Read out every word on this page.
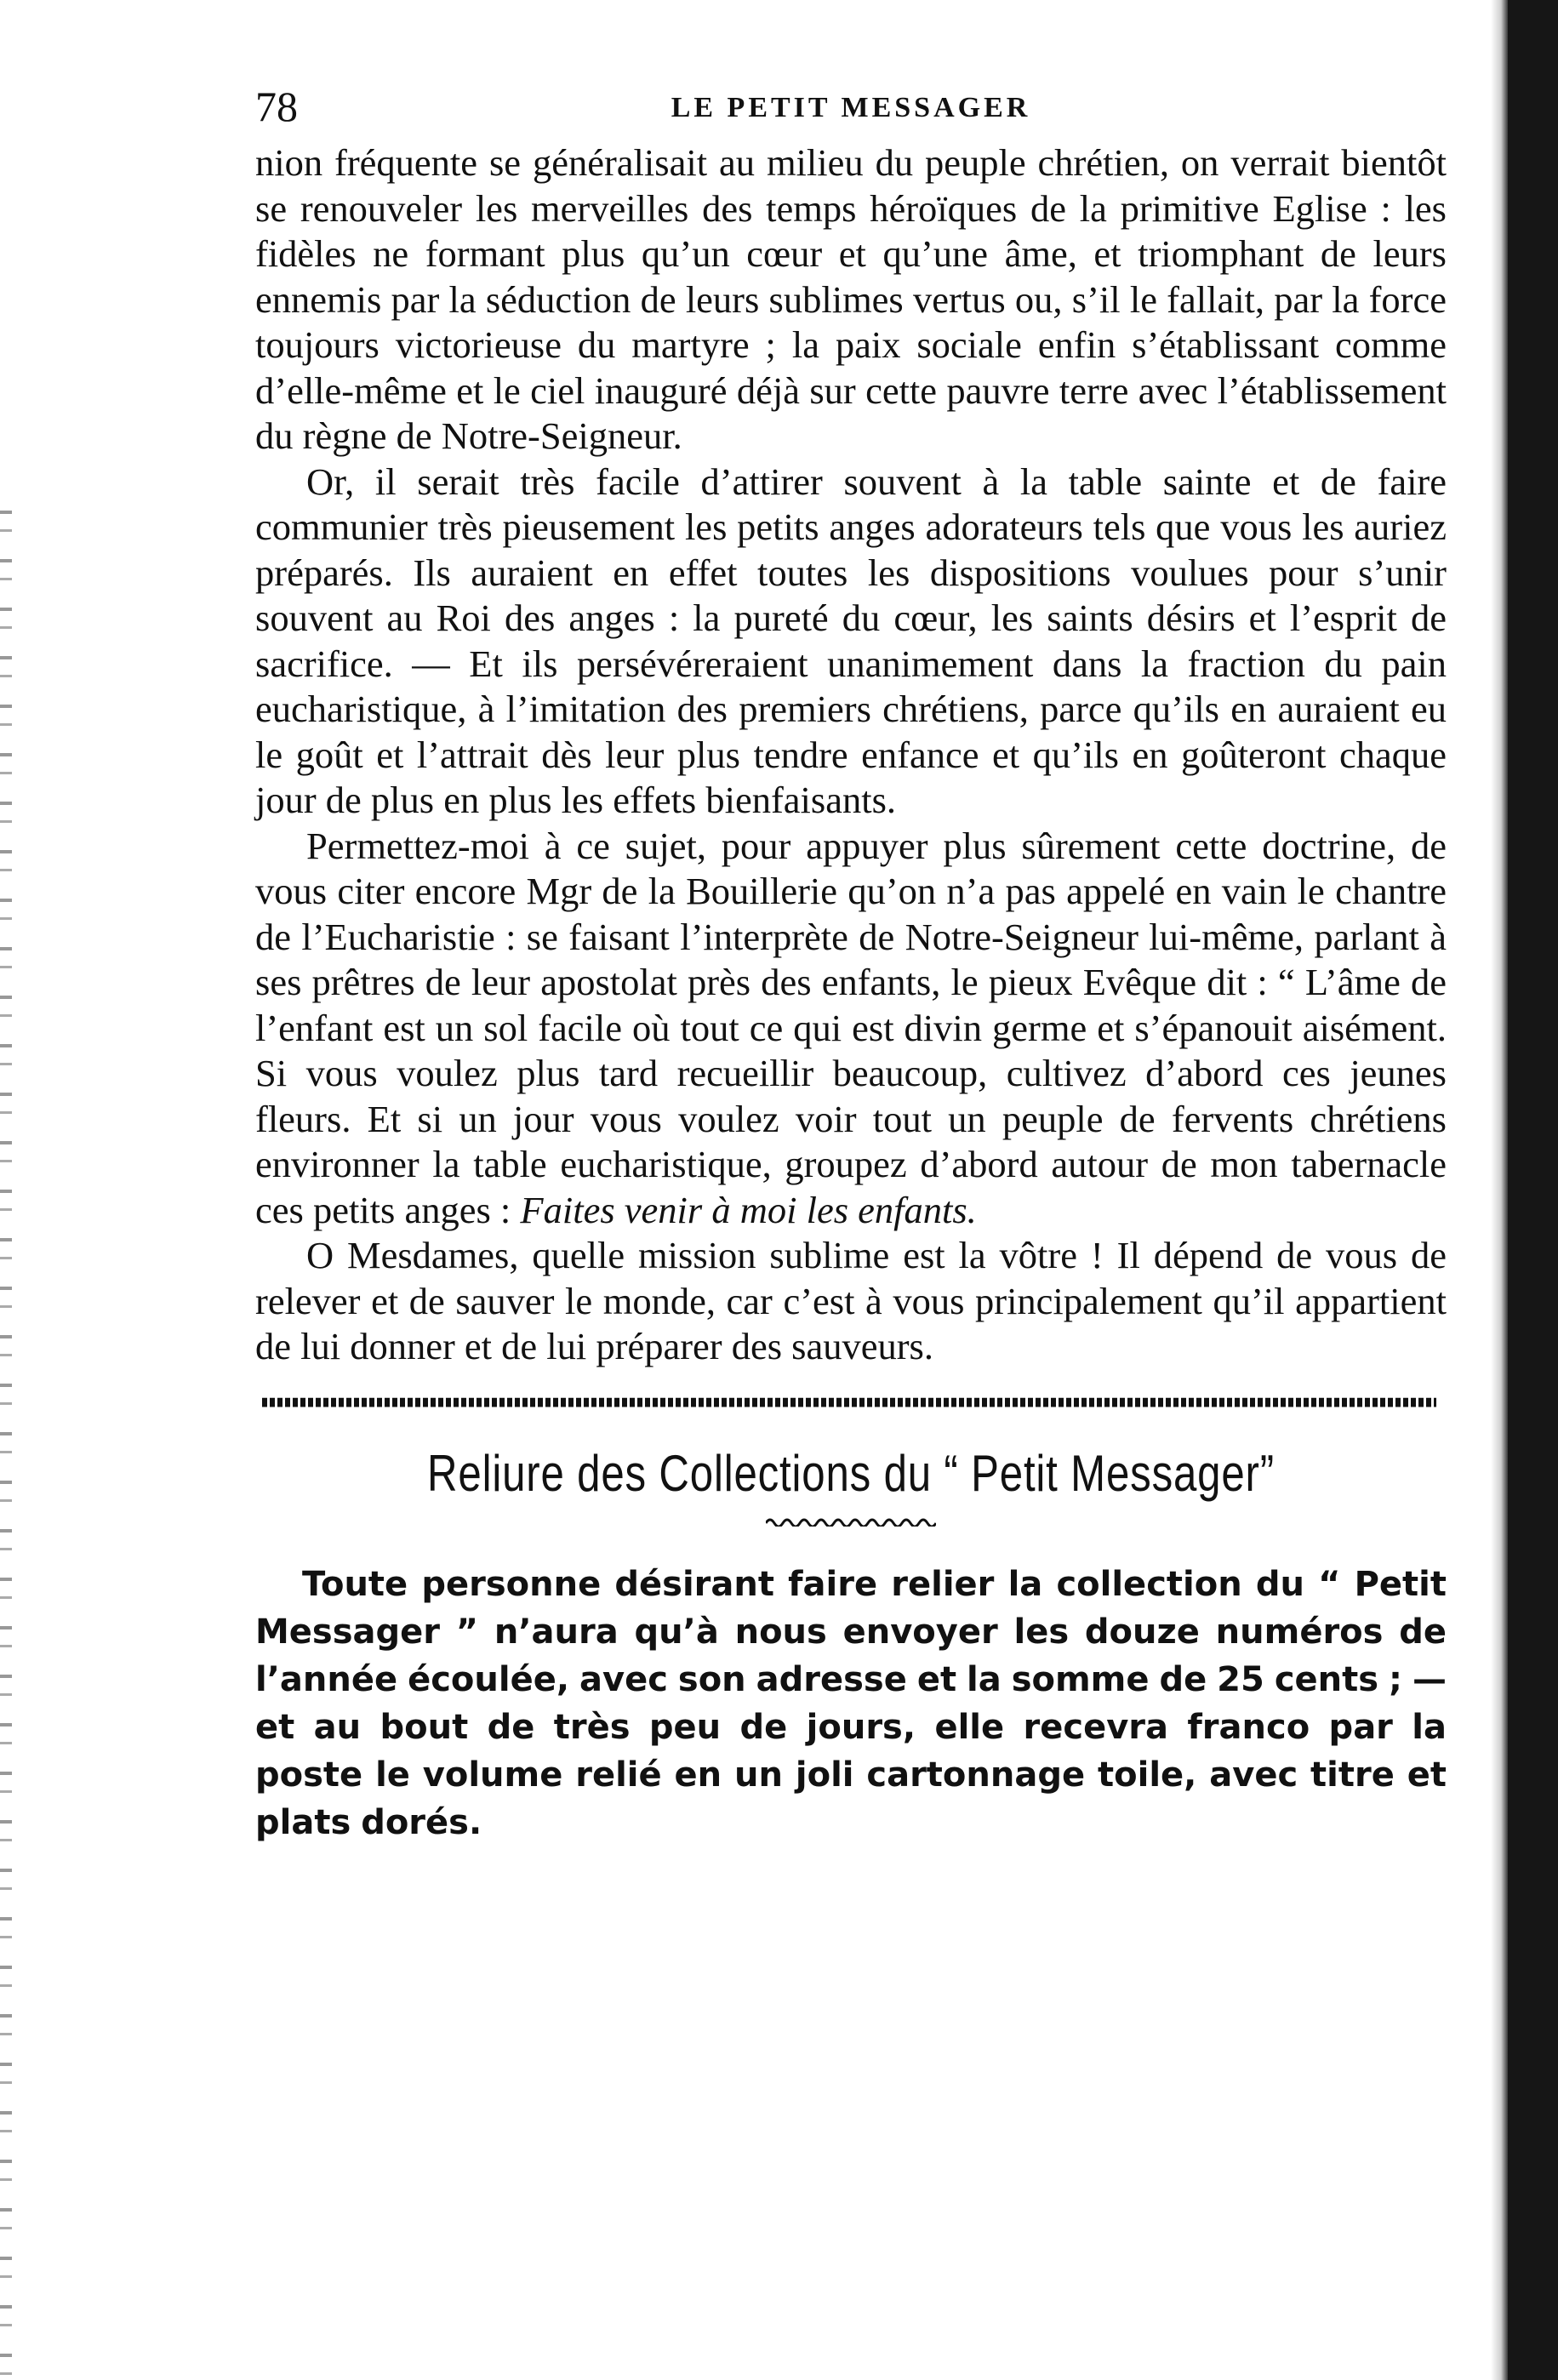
78	LE PETIT MESSAGER

nion fréquente se généralisait au milieu du peuple chrétien, on verrait bientôt se renouveler les merveilles des temps héroïques de la primitive Eglise : les fidèles ne formant plus qu’un cœur et qu’une âme, et triomphant de leurs ennemis par la séduction de leurs sublimes vertus ou, s’il le fallait, par la force toujours victorieuse du martyre ; la paix sociale enfin s’établissant comme d’elle-même et le ciel inauguré déjà sur cette pauvre terre avec l’établissement du règne de Notre-Seigneur.

Or, il serait très facile d’attirer souvent à la table sainte et de faire communier très pieusement les petits anges adorateurs tels que vous les auriez préparés. Ils auraient en effet toutes les dispositions voulues pour s’unir souvent au Roi des anges : la pureté du cœur, les saints désirs et l’esprit de sacrifice. — Et ils persévéreraient unanimement dans la fraction du pain eucharistique, à l’imitation des premiers chrétiens, parce qu’ils en auraient eu le goût et l’attrait dès leur plus tendre enfance et qu’ils en goûteront chaque jour de plus en plus les effets bienfaisants.

Permettez-moi à ce sujet, pour appuyer plus sûrement cette doctrine, de vous citer encore Mgr de la Bouillerie qu’on n’a pas appelé en vain le chantre de l’Eucharistie : se faisant l’interprète de Notre-Seigneur lui-même, parlant à ses prêtres de leur apostolat près des enfants, le pieux Evêque dit : “ L’âme de l’enfant est un sol facile où tout ce qui est divin germe et s’épanouit aisément. Si vous voulez plus tard recueillir beaucoup, cultivez d’abord ces jeunes fleurs. Et si un jour vous voulez voir tout un peuple de fervents chrétiens environner la table eucharistique, groupez d’abord autour de mon tabernacle ces petits anges : Faites venir à moi les enfants.

O Mesdames, quelle mission sublime est la vôtre ! Il dépend de vous de relever et de sauver le monde, car c’est à vous principalement qu’il appartient de lui donner et de lui préparer des sauveurs.

Reliure des Collections du “ Petit Messager”

Toute personne désirant faire relier la collection du “ Petit Messager ” n’aura qu’à nous envoyer les douze numéros de l’année écoulée, avec son adresse et la somme de 25 cents ; — et au bout de très peu de jours, elle recevra franco par la poste le volume relié en un joli cartonnage toile, avec titre et plats dorés.
